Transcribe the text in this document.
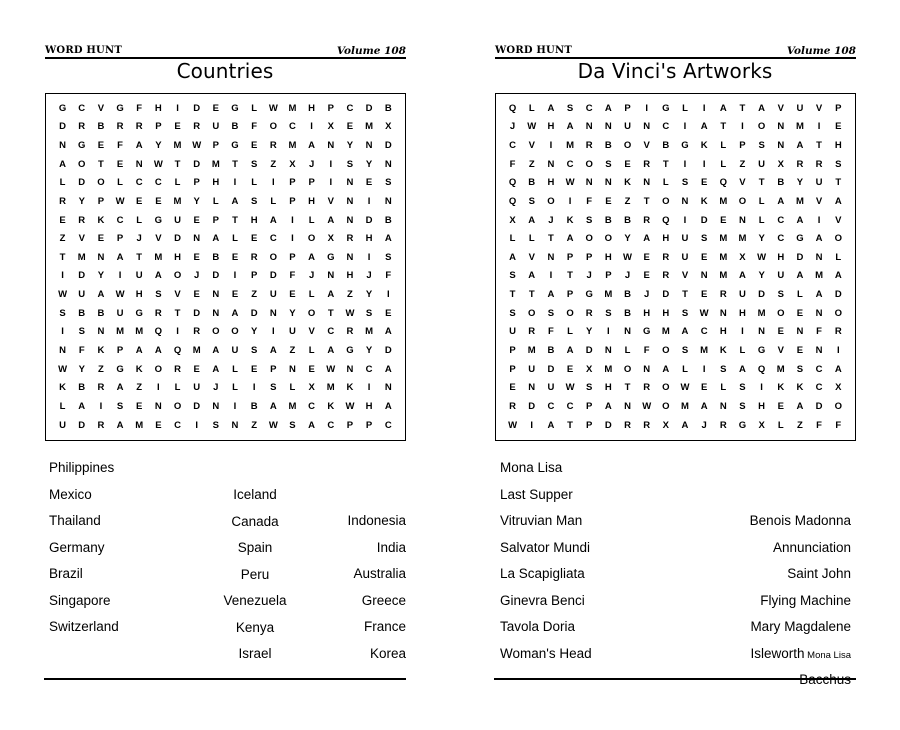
WORD HUNT	Volume 108
Countries
G	C	V	G	F	H	I	D	E	G	L	W	M	H	P	C	D	B
D	R	B	R	R	P	E	R	U	B	F	O	C	I	X	E	M	X
N	G	E	F	A	Y	M	W	P	G	E	R	M	A	N	Y	N	D
A	O	T	E	N	W	T	D	M	T	S	Z	X	J	I	S	Y	N
L	D	O	L	C	C	L	P	H	I	L	I	P	P	I	N	E	S
R	Y	P	W	E	E	M	Y	L	A	S	L	P	H	V	N	I	N
E	R	K	C	L	G	U	E	P	T	H	A	I	L	A	N	D	B
Z	V	E	P	J	V	D	N	A	L	E	C	I	O	X	R	H	A
T	M	N	A	T	M	H	E	B	E	R	O	P	A	G	N	I	S
I	D	Y	I	U	A	O	J	D	I	P	D	F	J	N	H	J	F
W	U	A	W	H	S	V	E	N	E	Z	U	E	L	A	Z	Y	I
S	B	B	U	G	R	T	D	N	A	D	N	Y	O	T	W	S	E
I	S	N	M	M	Q	I	R	O	O	Y	I	U	V	C	R	M	A
N	F	K	P	A	A	Q	M	A	U	S	A	Z	L	A	G	Y	D
W	Y	Z	G	K	O	R	E	A	L	E	P	N	E	W	N	C	A
K	B	R	A	Z	I	L	U	J	L	I	S	L	X	M	K	I	N
L	A	I	S	E	N	O	D	N	I	B	A	M	C	K	W	H	A
U	D	R	A	M	E	C	I	S	N	Z	W	S	A	C	P	P	C
Philippines
Mexico
Thailand
Germany
Brazil
Singapore
Switzerland
Iceland
Canada
Spain
Peru
Venezuela
Kenya
Israel
Indonesia
India
Australia
Greece
France
Korea
WORD HUNT	Volume 108
Da Vinci's Artworks
Q	L	A	S	C	A	P	I	G	L	I	A	T	A	V	U	V	P
J	W	H	A	N	N	U	N	C	I	A	T	I	O	N	M	I	E
C	V	I	M	R	B	O	V	B	G	K	L	P	S	N	A	T	H
F	Z	N	C	O	S	E	R	T	I	I	L	Z	U	X	R	R	S
Q	B	H	W	N	N	K	N	L	S	E	Q	V	T	B	Y	U	T
Q	S	O	I	F	E	Z	T	O	N	K	M	O	L	A	M	V	A
X	A	J	K	S	B	B	R	Q	I	D	E	N	L	C	A	I	V
L	L	T	A	O	O	Y	A	H	U	S	M	M	Y	C	G	A	O
A	V	N	P	P	H	W	E	R	U	E	M	X	W	H	D	N	L
S	A	I	T	J	P	J	E	R	V	N	M	A	Y	U	A	M	A
T	T	A	P	G	M	B	J	D	T	E	R	U	D	S	L	A	D
S	O	S	O	R	S	B	H	H	S	W	N	H	M	O	E	N	O
U	R	F	L	Y	I	N	G	M	A	C	H	I	N	E	N	F	R
P	M	B	A	D	N	L	F	O	S	M	K	L	G	V	E	N	I
P	U	D	E	X	M	O	N	A	L	I	S	A	Q	M	S	C	A
E	N	U	W	S	H	T	R	O	W	E	L	S	I	K	K	C	X
R	D	C	C	P	A	N	W	O	M	A	N	S	H	E	A	D	O
W	I	A	T	P	D	R	R	X	A	J	R	G	X	L	Z	F	F
Mona Lisa
Last Supper
Vitruvian Man
Salvator Mundi
La Scapigliata
Ginevra Benci
Tavola Doria
Woman's Head
Benois Madonna
Annunciation
Saint John
Flying Machine
Mary Magdalene
Isleworth Mona Lisa
Bacchus
